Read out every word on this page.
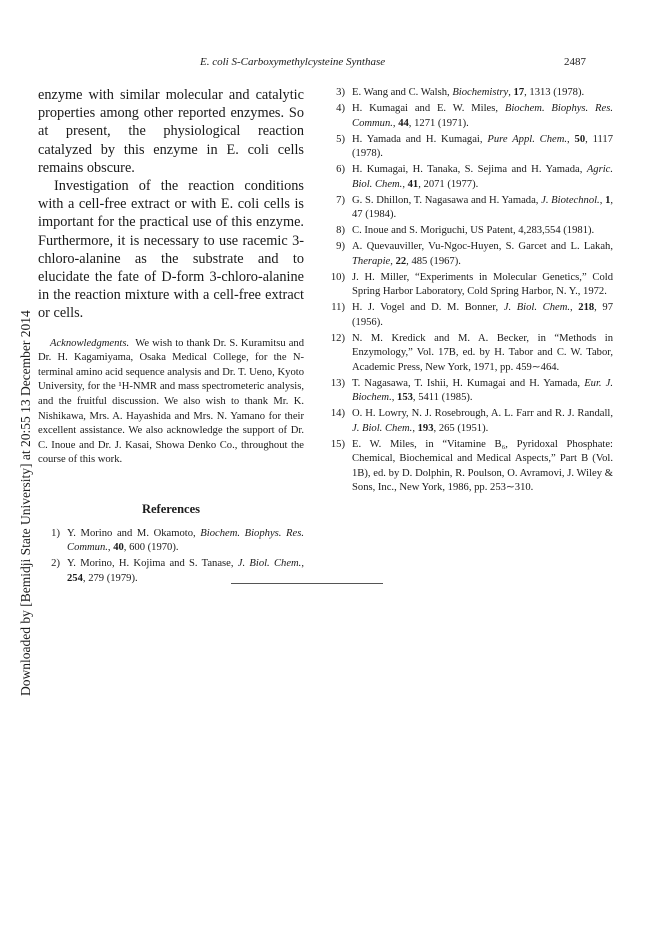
E. coli S-Carboxymethylcysteine Synthase	2487
Downloaded by [Bemidji State University] at 20:55 13 December 2014

enzyme with similar molecular and catalytic properties among other reported enzymes. So at present, the physiological reaction catalyzed by this enzyme in E. coli cells remains obscure.

Investigation of the reaction conditions with a cell-free extract or with E. coli cells is important for the practical use of this enzyme. Furthermore, it is necessary to use racemic 3-chloro-alanine as the substrate and to elucidate the fate of D-form 3-chloro-alanine in the reaction mixture with a cell-free extract or cells.

Acknowledgments. We wish to thank Dr. S. Kuramitsu and Dr. H. Kagamiyama, Osaka Medical College, for the N-terminal amino acid sequence analysis and Dr. T. Ueno, Kyoto University, for the ¹H-NMR and mass spectrometeric analysis, and the fruitful discussion. We also wish to thank Mr. K. Nishikawa, Mrs. A. Hayashida and Mrs. N. Yamano for their excellent assistance. We also acknowledge the support of Dr. C. Inoue and Dr. J. Kasai, Showa Denko Co., throughout the course of this work.
References
1) Y. Morino and M. Okamoto, Biochem. Biophys. Res. Commun., 40, 600 (1970).
2) Y. Morino, H. Kojima and S. Tanase, J. Biol. Chem., 254, 279 (1979).
3) E. Wang and C. Walsh, Biochemistry, 17, 1313 (1978).
4) H. Kumagai and E. W. Miles, Biochem. Biophys. Res. Commun., 44, 1271 (1971).
5) H. Yamada and H. Kumagai, Pure Appl. Chem., 50, 1117 (1978).
6) H. Kumagai, H. Tanaka, S. Sejima and H. Yamada, Agric. Biol. Chem., 41, 2071 (1977).
7) G. S. Dhillon, T. Nagasawa and H. Yamada, J. Biotechnol., 1, 47 (1984).
8) C. Inoue and S. Moriguchi, US Patent, 4,283,554 (1981).
9) A. Quevauviller, Vu-Ngoc-Huyen, S. Garcet and L. Lakah, Therapie, 22, 485 (1967).
10) J. H. Miller, “Experiments in Molecular Genetics,” Cold Spring Harbor Laboratory, Cold Spring Harbor, N. Y., 1972.
11) H. J. Vogel and D. M. Bonner, J. Biol. Chem., 218, 97 (1956).
12) N. M. Kredick and M. A. Becker, in “Methods in Enzymology,” Vol. 17B, ed. by H. Tabor and C. W. Tabor, Academic Press, New York, 1971, pp. 459∼464.
13) T. Nagasawa, T. Ishii, H. Kumagai and H. Yamada, Eur. J. Biochem., 153, 5411 (1985).
14) O. H. Lowry, N. J. Rosebrough, A. L. Farr and R. J. Randall, J. Biol. Chem., 193, 265 (1951).
15) E. W. Miles, in “Vitamine B₆, Pyridoxal Phosphate: Chemical, Biochemical and Medical Aspects,” Part B (Vol. 1B), ed. by D. Dolphin, R. Poulson, O. Avramovi, J. Wiley & Sons, Inc., New York, 1986, pp. 253∼310.
